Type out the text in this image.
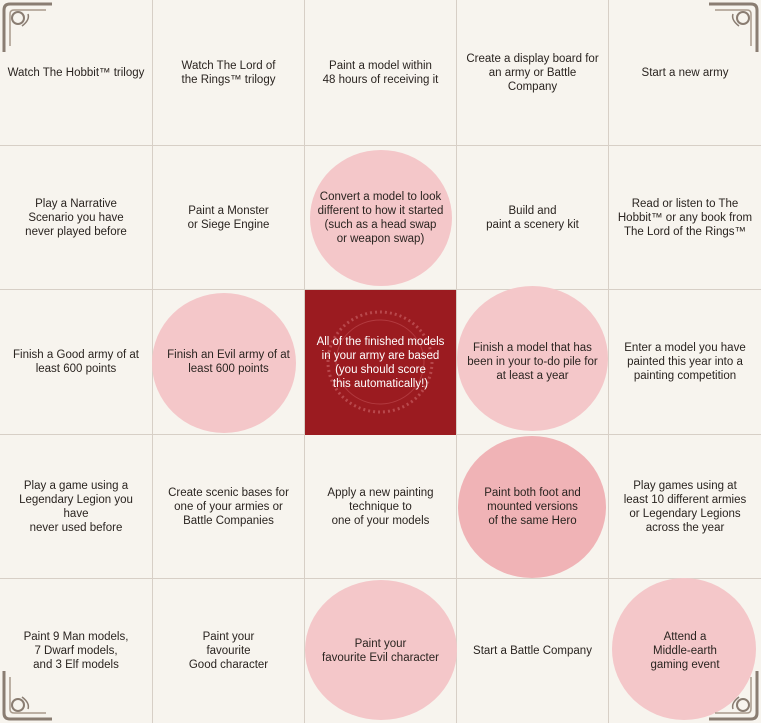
Watch The Hobbit™ trilogy
Watch The Lord of
the Rings™ trilogy
Paint a model within
48 hours of receiving it
Create a display board for
an army or Battle Company
Start a new army
Play a Narrative
Scenario you have
never played before
Paint a Monster
or Siege Engine
Convert a model to look
different to how it started
(such as a head swap
or weapon swap)
Build and
paint a scenery kit
Read or listen to The
Hobbit™ or any book from
The Lord of the Rings™
Finish a Good army of at
least 600 points
Finish an Evil army of at
least 600 points
All of the finished models
in your army are based
(you should score
this automatically!)
Finish a model that has
been in your to-do pile for
at least a year
Enter a model you have
painted this year into a
painting competition
Play a game using a
Legendary Legion you have
never used before
Create scenic bases for
one of your armies or
Battle Companies
Apply a new painting
technique to
one of your models
Paint both foot and
mounted versions
of the same Hero
Play games using at
least 10 different armies
or Legendary Legions
across the year
Paint 9 Man models,
7 Dwarf models,
and 3 Elf models
Paint your
favourite
Good character
Paint your
favourite Evil character
Start a Battle Company
Attend a
Middle-earth
gaming event
